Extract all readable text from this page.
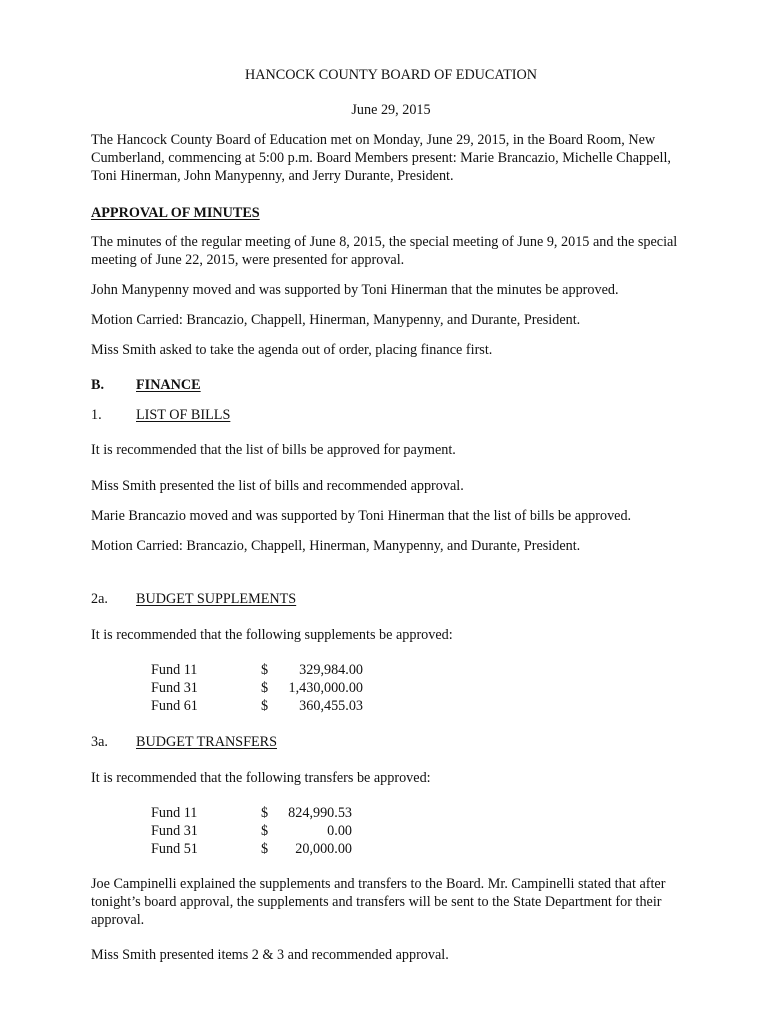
HANCOCK COUNTY BOARD OF EDUCATION
June 29, 2015
The Hancock County Board of Education met on Monday, June 29, 2015, in the Board Room, New Cumberland, commencing at 5:00 p.m. Board Members present: Marie Brancazio, Michelle Chappell, Toni Hinerman, John Manypenny, and Jerry Durante, President.
APPROVAL OF MINUTES
The minutes of the regular meeting of June 8, 2015, the special meeting of June 9, 2015 and the special meeting of June 22, 2015, were presented for approval.
John Manypenny moved and was supported by Toni Hinerman that the minutes be approved.
Motion Carried: Brancazio, Chappell, Hinerman, Manypenny, and Durante, President.
Miss Smith asked to take the agenda out of order, placing finance first.
B. FINANCE
1. LIST OF BILLS
It is recommended that the list of bills be approved for payment.
Miss Smith presented the list of bills and recommended approval.
Marie Brancazio moved and was supported by Toni Hinerman that the list of bills be approved.
Motion Carried: Brancazio, Chappell, Hinerman, Manypenny, and Durante, President.
2a. BUDGET SUPPLEMENTS
It is recommended that the following supplements be approved:
Fund 11	$	329,984.00
Fund 31	$	1,430,000.00
Fund 61	$	360,455.03
3a. BUDGET TRANSFERS
It is recommended that the following transfers be approved:
Fund 11	$	824,990.53
Fund 31	$	0.00
Fund 51	$	20,000.00
Joe Campinelli explained the supplements and transfers to the Board. Mr. Campinelli stated that after tonight’s board approval, the supplements and transfers will be sent to the State Department for their approval.
Miss Smith presented items 2 & 3 and recommended approval.
